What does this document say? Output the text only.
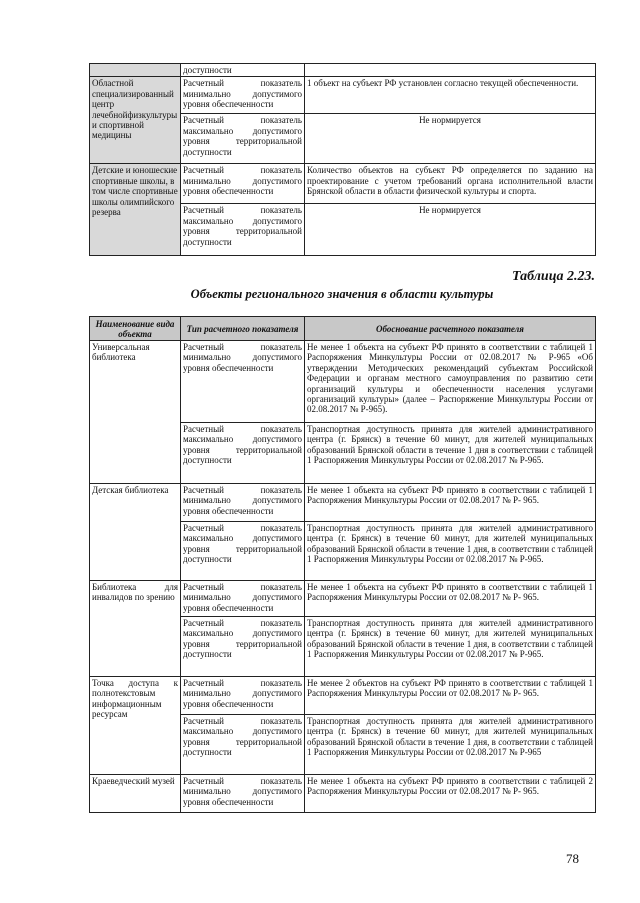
	доступности	
Областной специализированный центр лечебнойфизкультуры и спортивной медицины	Расчетный показатель минимально допустимого уровня обеспеченности	1 объект на субъект РФ установлен согласно текущей обеспеченности.
	Расчетный показатель максимально допустимого уровня территориальной доступности	Не нормируется
Детские и юношеские спортивные школы, в том числе спортивные школы олимпийского резерва	Расчетный показатель минимально допустимого уровня обеспеченности	Количество объектов на субъект РФ определяется по заданию на проектирование с учетом требований органа исполнительной власти Брянской области в области физической культуры и спорта.
	Расчетный показатель максимально допустимого уровня территориальной доступности	Не нормируется
Таблица 2.23.
Объекты регионального значения в области культуры
Наименование вида объекта	Тип расчетного показателя	Обоснование расчетного показателя
Универсальная библиотека	Расчетный показатель минимально допустимого уровня обеспеченности	Не менее 1 объекта на субъект РФ принято в соответствии с таблицей 1 Распоряжения Минкультуры России от 02.08.2017 № Р-965 «Об утверждении Методических рекомендаций субъектам Российской Федерации и органам местного самоуправления по развитию сети организаций культуры и обеспеченности населения услугами организаций культуры» (далее – Распоряжение Минкультуры России от 02.08.2017 № Р-965).
	Расчетный показатель максимально допустимого уровня территориальной доступности	Транспортная доступность принята для жителей административного центра (г. Брянск) в течение 60 минут, для жителей муниципальных образований Брянской области в течение 1 дня в соответствии с таблицей 1 Распоряжения Минкультуры России от 02.08.2017 № Р-965.
Детская библиотека	Расчетный показатель минимально допустимого уровня обеспеченности	Не менее 1 объекта на субъект РФ принято в соответствии с таблицей 1 Распоряжения Минкультуры России от 02.08.2017 № Р- 965.
	Расчетный показатель максимально допустимого уровня территориальной доступности	Транспортная доступность принята для жителей административного центра (г. Брянск) в течение 60 минут, для жителей муниципальных образований Брянской области в течение 1 дня, в соответствии с таблицей 1 Распоряжения Минкультуры России от 02.08.2017 № Р-965.
Библиотека для инвалидов по зрению	Расчетный показатель минимально допустимого уровня обеспеченности	Не менее 1 объекта на субъект РФ принято в соответствии с таблицей 1 Распоряжения Минкультуры России от 02.08.2017 № Р- 965.
	Расчетный показатель максимально допустимого уровня территориальной доступности	Транспортная доступность принята для жителей административного центра (г. Брянск) в течение 60 минут, для жителей муниципальных образований Брянской области в течение 1 дня, в соответствии с таблицей 1 Распоряжения Минкультуры России от 02.08.2017 № Р-965.
Точка доступа к полнотекстовым информационным ресурсам	Расчетный показатель минимально допустимого уровня обеспеченности	Не менее 2 объектов на субъект РФ принято в соответствии с таблицей 1 Распоряжения Минкультуры России от 02.08.2017 № Р- 965.
	Расчетный показатель максимально допустимого уровня территориальной доступности	Транспортная доступность принята для жителей административного центра (г. Брянск) в течение 60 минут, для жителей муниципальных образований Брянской области в течение 1 дня, в соответствии с таблицей 1 Распоряжения Минкультуры России от 02.08.2017 № Р-965
Краеведческий музей	Расчетный показатель минимально допустимого уровня обеспеченности	Не менее 1 объекта на субъект РФ принято в соответствии с таблицей 2 Распоряжения Минкультуры России от 02.08.2017 № Р- 965.
78
